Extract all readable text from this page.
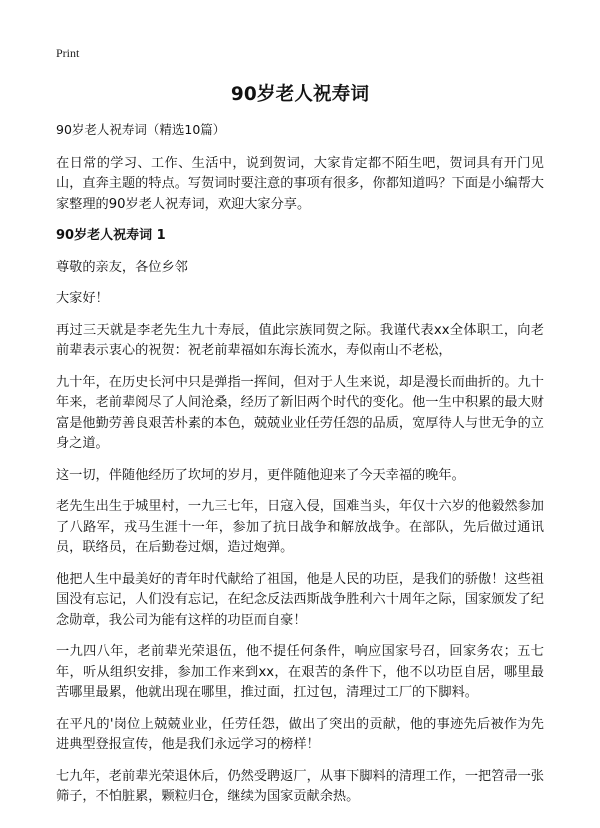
Print
90岁老人祝寿词

90岁老人祝寿词（精选10篇）

在日常的学习、工作、生活中，说到贺词，大家肯定都不陌生吧，贺词具有开门见山，直奔主题的特点。写贺词时要注意的事项有很多，你都知道吗？下面是小编帮大家整理的90岁老人祝寿词，欢迎大家分享。

90岁老人祝寿词 1

尊敬的亲友，各位乡邻

大家好！

再过三天就是李老先生九十寿辰，值此宗族同贺之际。我谨代表xx全体职工，向老前辈表示衷心的祝贺：祝老前辈福如东海长流水，寿似南山不老松，

九十年，在历史长河中只是弹指一挥间，但对于人生来说，却是漫长而曲折的。九十年来，老前辈阅尽了人间沧桑，经历了新旧两个时代的变化。他一生中积累的最大财富是他勤劳善良艰苦朴素的本色，兢兢业业任劳任怨的品质，宽厚待人与世无争的立身之道。

这一切，伴随他经历了坎坷的岁月，更伴随他迎来了今天幸福的晚年。

老先生出生于城里村，一九三七年，日寇入侵，国难当头，年仅十六岁的他毅然参加了八路军，戎马生涯十一年，参加了抗日战争和解放战争。在部队，先后做过通讯员，联络员，在后勤卷过烟，造过炮弹。

他把人生中最美好的青年时代献给了祖国，他是人民的功臣，是我们的骄傲！这些祖国没有忘记，人们没有忘记，在纪念反法西斯战争胜利六十周年之际，国家颁发了纪念勋章，我公司为能有这样的功臣而自豪！

一九四八年，老前辈光荣退伍，他不提任何条件，响应国家号召，回家务农；五七年，听从组织安排，参加工作来到xx，在艰苦的条件下，他不以功臣自居，哪里最苦哪里最累，他就出现在哪里，推过面，扛过包，清理过工厂的下脚料。

在平凡的'岗位上兢兢业业，任劳任怨，做出了突出的贡献，他的事迹先后被作为先进典型登报宣传，他是我们永远学习的榜样！

七九年，老前辈光荣退休后，仍然受聘返厂，从事下脚料的清理工作，一把笤帚一张筛子，不怕脏累，颗粒归仓，继续为国家贡献余热。
